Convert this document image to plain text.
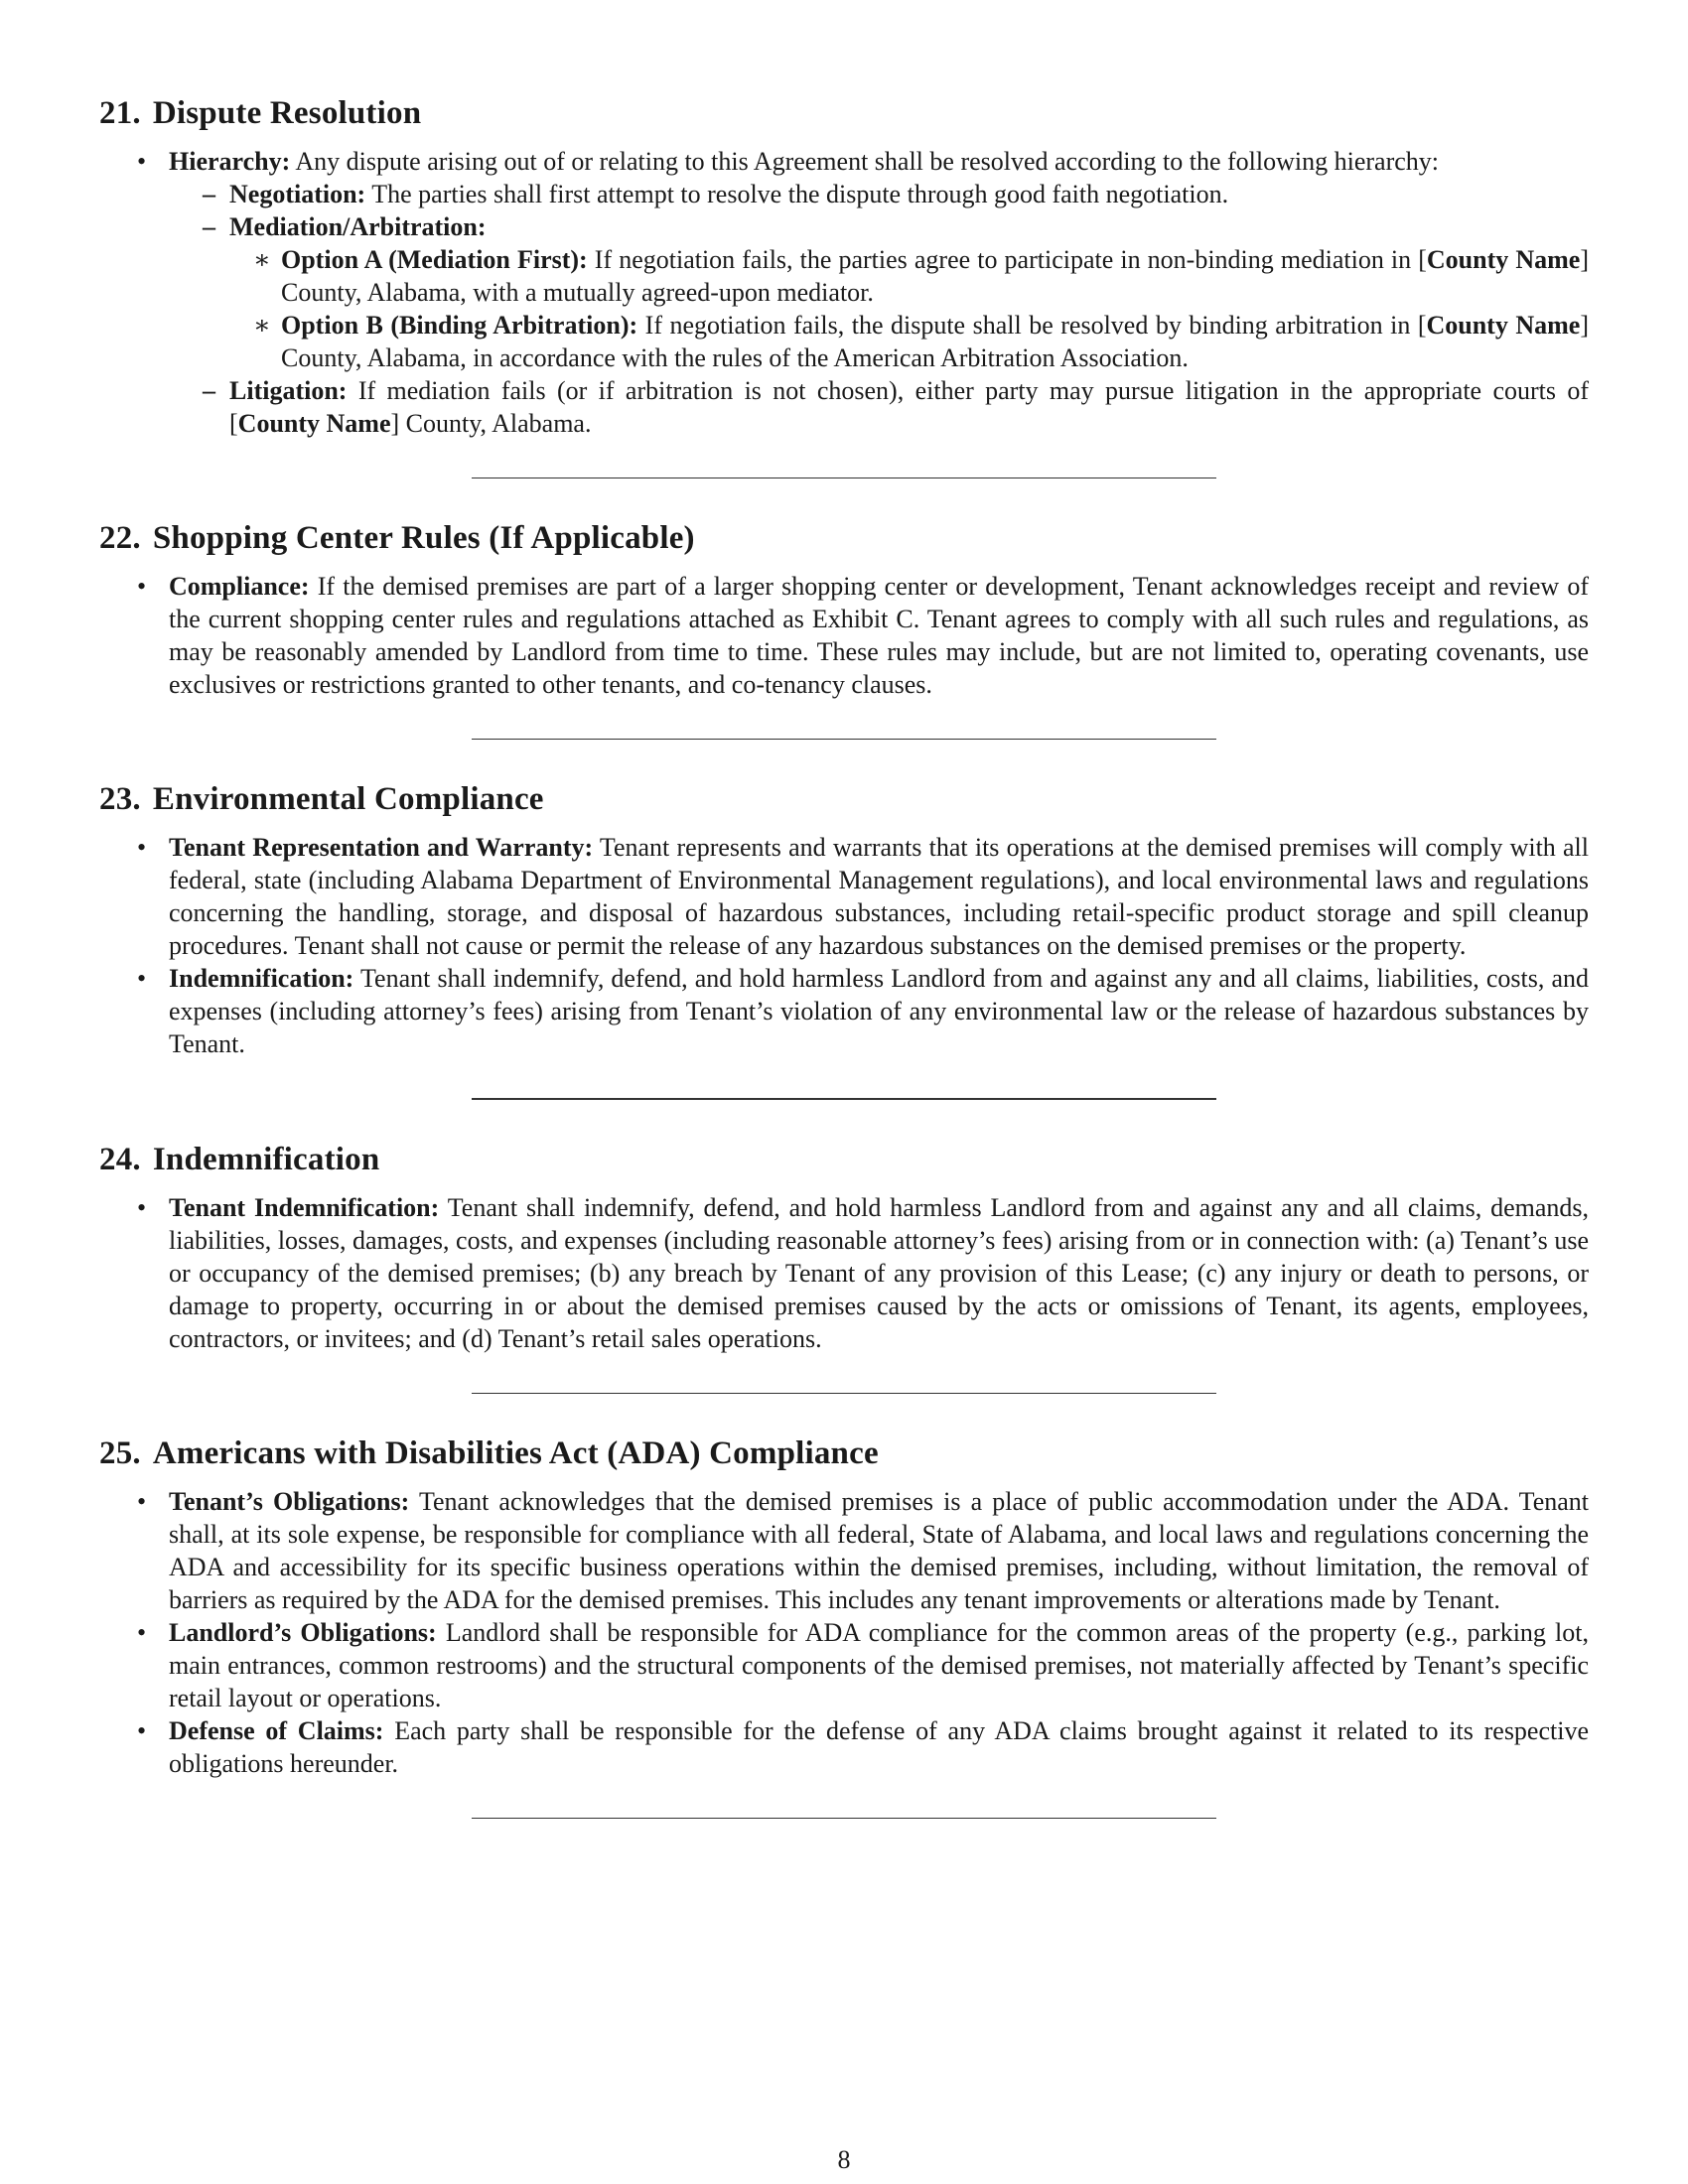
21. Dispute Resolution
• Hierarchy: Any dispute arising out of or relating to this Agreement shall be resolved according to the following hierarchy:
– Negotiation: The parties shall first attempt to resolve the dispute through good faith negotiation.
– Mediation/Arbitration:
∗ Option A (Mediation First): If negotiation fails, the parties agree to participate in non-binding mediation in [County Name] County, Alabama, with a mutually agreed-upon mediator.
∗ Option B (Binding Arbitration): If negotiation fails, the dispute shall be resolved by binding arbitration in [County Name] County, Alabama, in accordance with the rules of the American Arbitration Association.
– Litigation: If mediation fails (or if arbitration is not chosen), either party may pursue litigation in the appropriate courts of [County Name] County, Alabama.
22. Shopping Center Rules (If Applicable)
• Compliance: If the demised premises are part of a larger shopping center or development, Tenant acknowledges receipt and review of the current shopping center rules and regulations attached as Exhibit C. Tenant agrees to comply with all such rules and regulations, as may be reasonably amended by Landlord from time to time. These rules may include, but are not limited to, operating covenants, use exclusives or restrictions granted to other tenants, and co-tenancy clauses.
23. Environmental Compliance
• Tenant Representation and Warranty: Tenant represents and warrants that its operations at the demised premises will comply with all federal, state (including Alabama Department of Environmental Management regulations), and local environmental laws and regulations concerning the handling, storage, and disposal of hazardous substances, including retail-specific product storage and spill cleanup procedures. Tenant shall not cause or permit the release of any hazardous substances on the demised premises or the property.
• Indemnification: Tenant shall indemnify, defend, and hold harmless Landlord from and against any and all claims, liabilities, costs, and expenses (including attorney’s fees) arising from Tenant’s violation of any environmental law or the release of hazardous substances by Tenant.
24. Indemnification
• Tenant Indemnification: Tenant shall indemnify, defend, and hold harmless Landlord from and against any and all claims, demands, liabilities, losses, damages, costs, and expenses (including reasonable attorney’s fees) arising from or in connection with: (a) Tenant’s use or occupancy of the demised premises; (b) any breach by Tenant of any provision of this Lease; (c) any injury or death to persons, or damage to property, occurring in or about the demised premises caused by the acts or omissions of Tenant, its agents, employees, contractors, or invitees; and (d) Tenant’s retail sales operations.
25. Americans with Disabilities Act (ADA) Compliance
• Tenant’s Obligations: Tenant acknowledges that the demised premises is a place of public accommodation under the ADA. Tenant shall, at its sole expense, be responsible for compliance with all federal, State of Alabama, and local laws and regulations concerning the ADA and accessibility for its specific business operations within the demised premises, including, without limitation, the removal of barriers as required by the ADA for the demised premises. This includes any tenant improvements or alterations made by Tenant.
• Landlord’s Obligations: Landlord shall be responsible for ADA compliance for the common areas of the property (e.g., parking lot, main entrances, common restrooms) and the structural components of the demised premises, not materially affected by Tenant’s specific retail layout or operations.
• Defense of Claims: Each party shall be responsible for the defense of any ADA claims brought against it related to its respective obligations hereunder.
8
